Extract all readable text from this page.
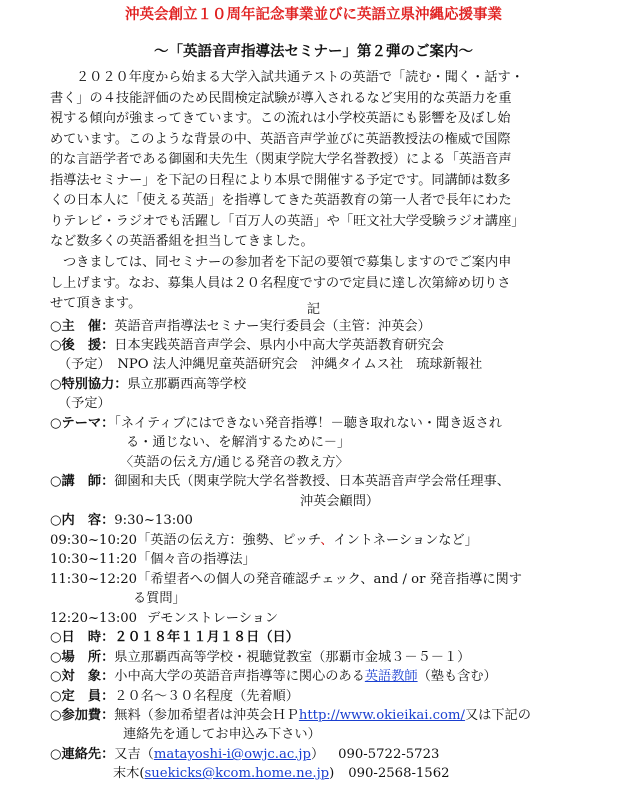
沖英会創立１０周年記念事業並びに英語立県沖縄応援事業
〜「英語音声指導法セミナー」第２弾のご案内〜
２０２０年度から始まる大学入試共通テストの英語で「読む・聞く・話す・
書く」の４技能評価のため民間検定試験が導入されるなど実用的な英語力を重
視する傾向が強まってきています。この流れは小学校英語にも影響を及ぼし始
めています。このような背景の中、英語音声学並びに英語教授法の権威で国際
的な言語学者である御園和夫先生（関東学院大学名誉教授）による「英語音声
指導法セミナー」を下記の日程により本県で開催する予定です。同講師は数多
くの日本人に「使える英語」を指導してきた英語教育の第一人者で長年にわた
りテレビ・ラジオでも活躍し「百万人の英語」や「旺文社大学受験ラジオ講座」
など数多くの英語番組を担当してきました。
つきましては、同セミナーの参加者を下記の要領で募集しますのでご案内申
し上げます。なお、募集人員は２０名程度ですので定員に達し次第締め切りさ
せて頂きます。	記
○主　催：英語音声指導法セミナー実行委員会（主管：沖英会）
○後　援：日本実践英語音声学会、県内小中高大学英語教育研究会
（予定）　NPO 法人沖縄児童英語研究会　沖縄タイムス社　琉球新報社
○特別協力：県立那覇西高等学校
（予定）
○テーマ：「ネイティブにはできない発音指導！－聴き取れない・聞き返され
る・通じない、を解消するために－」
〈英語の伝え方/通じる発音の教え方〉
○講　師：御園和夫氏（関東学院大学名誉教授、日本英語音声学会常任理事、
沖英会顧問）
○内　容：9:30~13:00
09:30~10:20「英語の伝え方：強勢、ピッチ、イントネーションなど」
10:30~11:20「個々音の指導法」
11:30~12:20「希望者への個人の発音確認チェック、and / or 発音指導に関す
る質問」
12:20~13:00 デモンストレーション
○日　時：２０１８年１１月１８日（日）
○場　所：県立那覇西高等学校・視聴覚教室（那覇市金城３－５－１）
○対　象：小中高大学の英語音声指導等に関心のある英語教師（塾も含む）
○定　員：２０名～３０名程度（先着順）
○参加費：無料（参加希望者は沖英会ＨＰhttp://www.okieikai.com/又は下記の
連絡先を通してお申込み下さい）
○連絡先：又吉（matayoshi-i@owjc.ac.jp） 090-5722-5723
末木(suekicks@kcom.home.ne.jp) 090-2568-1562
